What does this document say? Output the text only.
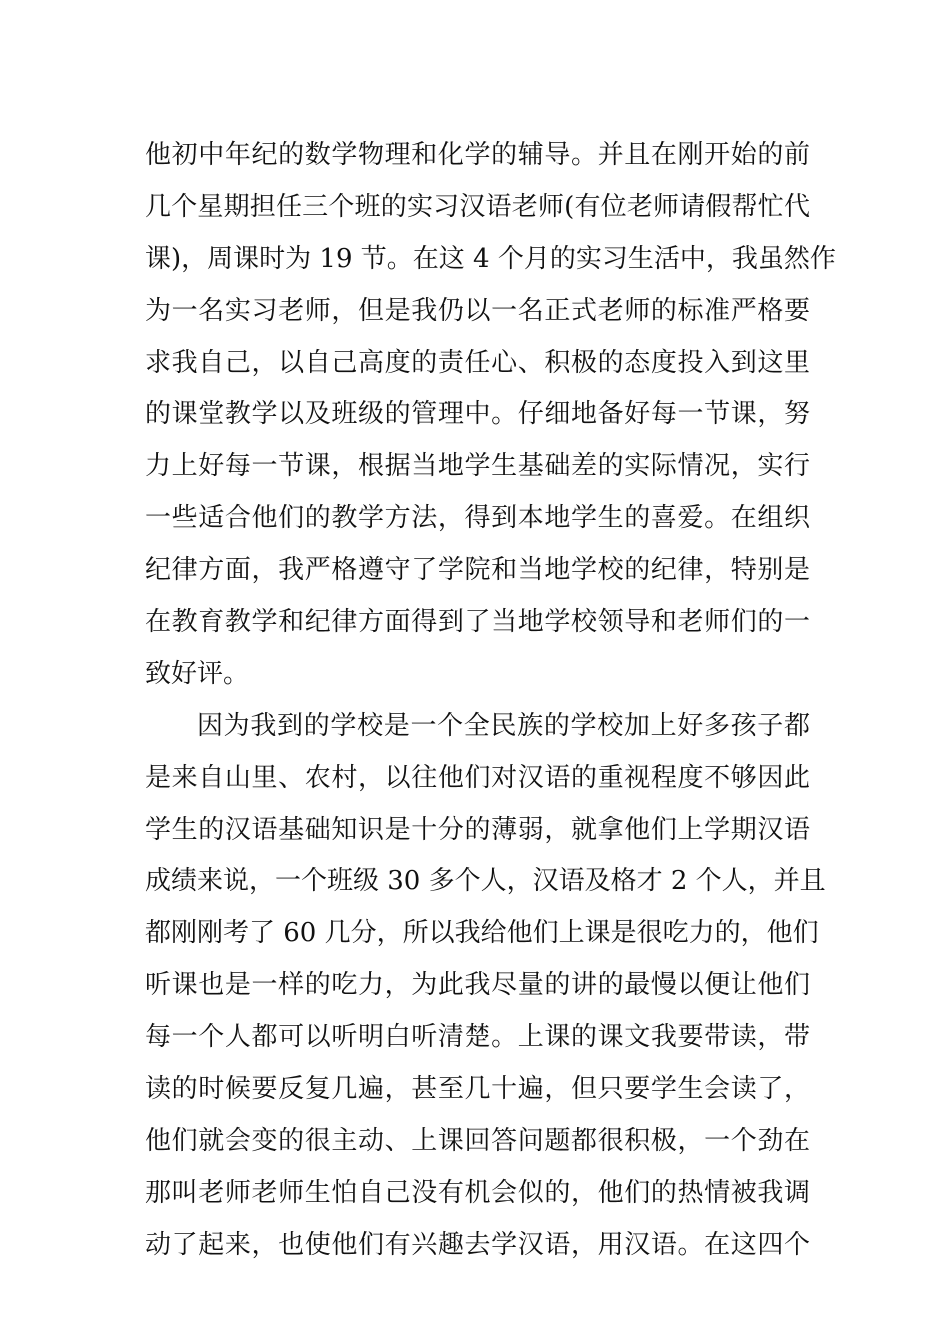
他初中年纪的数学物理和化学的辅导。并且在刚开始的前
几个星期担任三个班的实习汉语老师(有位老师请假帮忙代
课)，周课时为 19 节。在这 4 个月的实习生活中，我虽然作
为一名实习老师，但是我仍以一名正式老师的标准严格要
求我自己，以自己高度的责任心、积极的态度投入到这里
的课堂教学以及班级的管理中。仔细地备好每一节课，努
力上好每一节课，根据当地学生基础差的实际情况，实行
一些适合他们的教学方法，得到本地学生的喜爱。在组织
纪律方面，我严格遵守了学院和当地学校的纪律，特别是
在教育教学和纪律方面得到了当地学校领导和老师们的一
致好评。
因为我到的学校是一个全民族的学校加上好多孩子都
是来自山里、农村，以往他们对汉语的重视程度不够因此
学生的汉语基础知识是十分的薄弱，就拿他们上学期汉语
成绩来说，一个班级 30 多个人，汉语及格才 2 个人，并且
都刚刚考了 60 几分，所以我给他们上课是很吃力的，他们
听课也是一样的吃力，为此我尽量的讲的最慢以便让他们
每一个人都可以听明白听清楚。上课的课文我要带读，带
读的时候要反复几遍，甚至几十遍，但只要学生会读了，
他们就会变的很主动、上课回答问题都很积极，一个劲在
那叫老师老师生怕自己没有机会似的，他们的热情被我调
动了起来，也使他们有兴趣去学汉语，用汉语。在这四个
